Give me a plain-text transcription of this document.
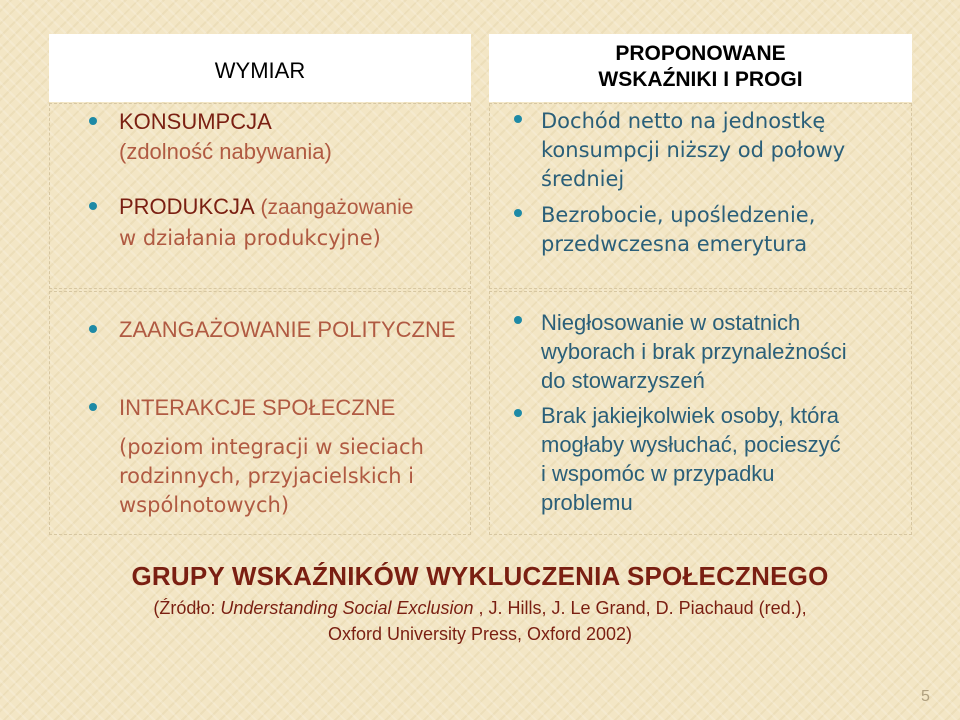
WYMIAR
PROPONOWANE
WSKAŹNIKI I PROGI
KONSUMPCJA
(zdolność nabywania)
PRODUKCJA (zaangażowanie
w działania produkcyjne)
Dochód netto na jednostkę
konsumpcji niższy od połowy
średniej
Bezrobocie, upośledzenie,
przedwczesna emerytura
ZAANGAŻOWANIE POLITYCZNE
INTERAKCJE SPOŁECZNE
(poziom integracji w sieciach
rodzinnych, przyjacielskich i
wspólnotowych)
Niegłosowanie w ostatnich
wyborach i brak przynależności
do stowarzyszeń
Brak jakiejkolwiek osoby, która
mogłaby wysłuchać, pocieszyć
i wspomóc w przypadku
problemu
GRUPY WSKAŹNIKÓW WYKLUCZENIA SPOŁECZNEGO
(Źródło: Understanding Social Exclusion , J. Hills, J. Le Grand, D. Piachaud (red.),
Oxford University Press, Oxford 2002)
5
